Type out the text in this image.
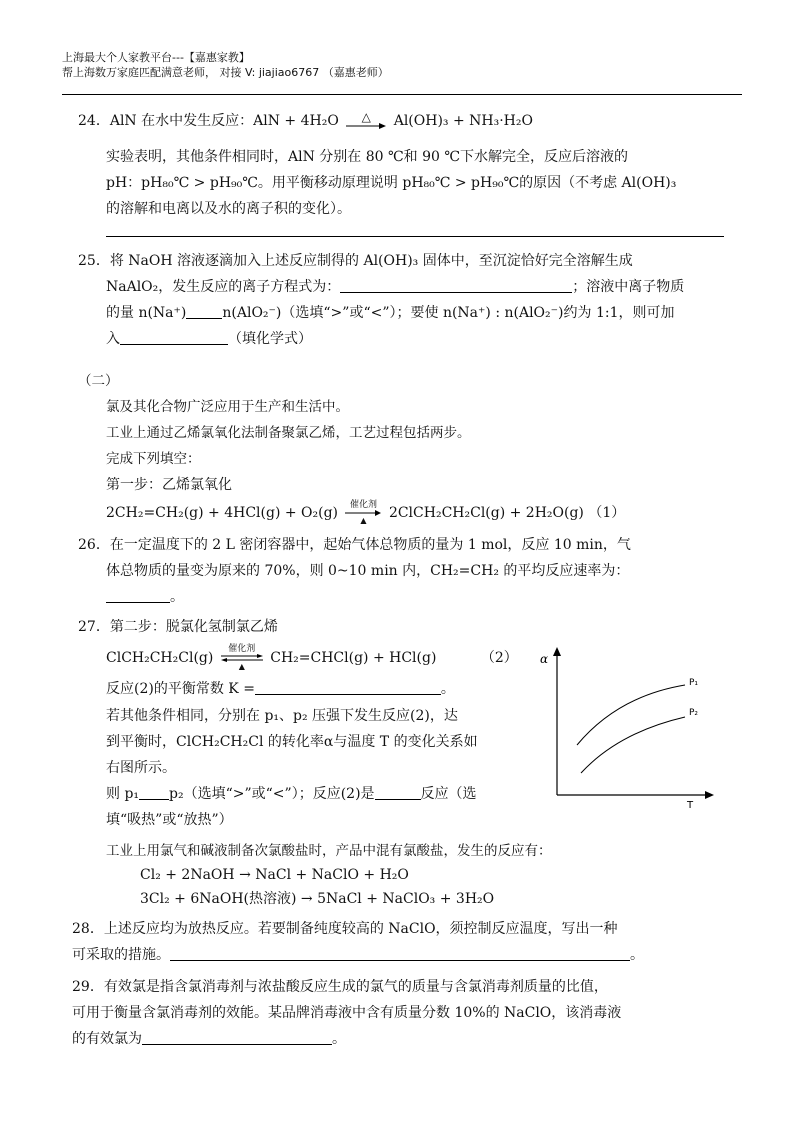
上海最大个人家教平台---【嘉惠家教】
帮上海数万家庭匹配满意老师， 对接 V: jiajiao6767 （嘉惠老师）
24．AlN 在水中发生反应：AlN + 4H₂O	△	Al(OH)₃ + NH₃·H₂O
实验表明，其他条件相同时，AlN 分别在 80 ℃和 90 ℃下水解完全，反应后溶液的
pH：pH₈₀℃ > pH₉₀℃。用平衡移动原理说明 pH₈₀℃ > pH₉₀℃的原因（不考虑 Al(OH)₃
的溶解和电离以及水的离子积的变化）。
25．将 NaOH 溶液逐滴加入上述反应制得的 Al(OH)₃ 固体中，至沉淀恰好完全溶解生成
NaAlO₂，发生反应的离子方程式为：	；溶液中离子物质
的量 n(Na⁺)	n(AlO₂⁻)（选填“>”或“<”）；要使 n(Na⁺) : n(AlO₂⁻)约为 1:1，则可加
入	（填化学式）
（二）
氯及其化合物广泛应用于生产和生活中。
工业上通过乙烯氯氧化法制备聚氯乙烯，工艺过程包括两步。
完成下列填空：
第一步：乙烯氯氧化
2CH₂=CH₂(g) + 4HCl(g) + O₂(g)	催化剂
▲	2ClCH₂CH₂Cl(g) + 2H₂O(g) （1）
26．在一定温度下的 2 L 密闭容器中，起始气体总物质的量为 1 mol，反应 10 min，气
体总物质的量变为原来的 70%，则 0~10 min 内，CH₂=CH₂ 的平均反应速率为：
。
27．第二步：脱氯化氢制氯乙烯
ClCH₂CH₂Cl(g)
催化剂
▲
CH₂=CHCl(g) + HCl(g)	（2）
反应(2)的平衡常数 K =	。
若其他条件相同，分别在 p₁、p₂ 压强下发生反应(2)，达
到平衡时，ClCH₂CH₂Cl 的转化率α与温度 T 的变化关系如
右图所示。
则 p₁ p₂（选填“>”或“<”）；反应(2)是	反应（选
填“吸热”或“放热”）
α
T
P₁
P₂
工业上用氯气和碱液制备次氯酸盐时，产品中混有氯酸盐，发生的反应有：
Cl₂ + 2NaOH → NaCl + NaClO + H₂O
3Cl₂ + 6NaOH(热溶液) → 5NaCl + NaClO₃ + 3H₂O
28．上述反应均为放热反应。若要制备纯度较高的 NaClO，须控制反应温度，写出一种
可采取的措施。	。
29．有效氯是指含氯消毒剂与浓盐酸反应生成的氯气的质量与含氯消毒剂质量的比值，
可用于衡量含氯消毒剂的效能。某品牌消毒液中含有质量分数 10%的 NaClO，该消毒液
的有效氯为	。
